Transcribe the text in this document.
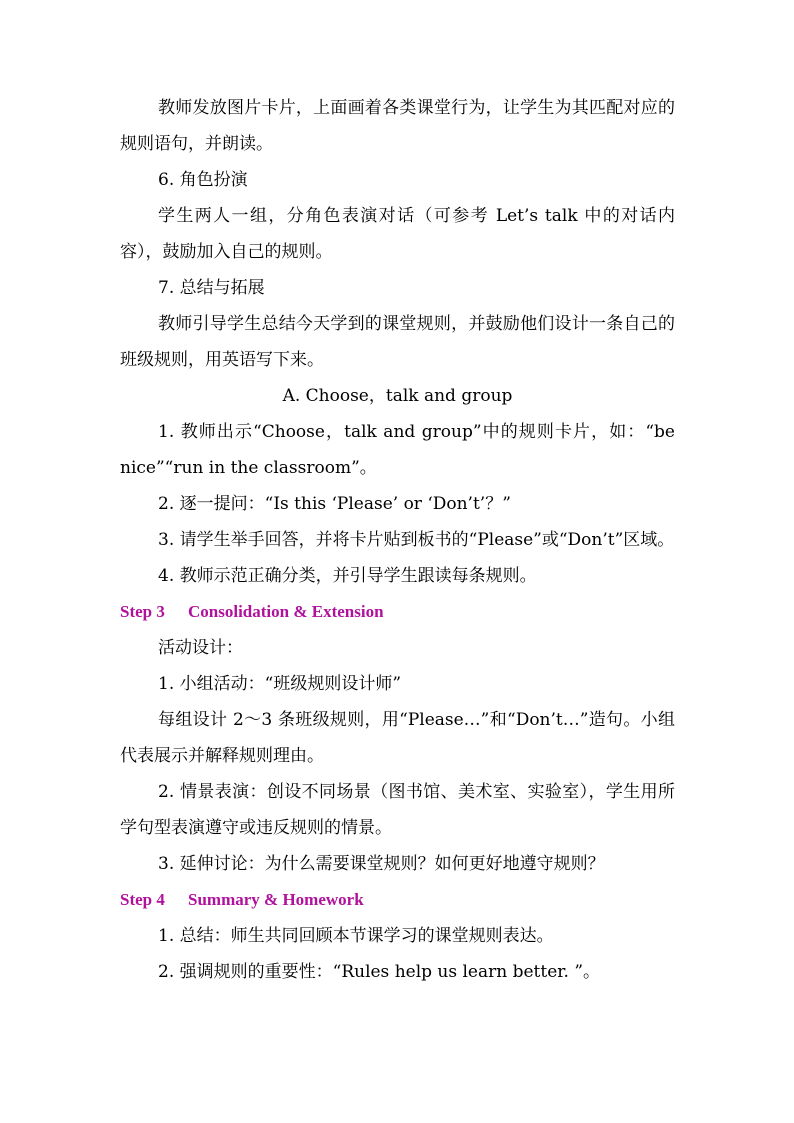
教师发放图片卡片，上面画着各类课堂行为，让学生为其匹配对应的规则语句，并朗读。

6. 角色扮演

学生两人一组，分角色表演对话（可参考 Let’s talk 中的对话内容），鼓励加入自己的规则。

7. 总结与拓展

教师引导学生总结今天学到的课堂规则，并鼓励他们设计一条自己的班级规则，用英语写下来。

A. Choose，talk and group

1. 教师出示“Choose，talk and group”中的规则卡片，如：“be nice”“run in the classroom”。

2. 逐一提问：“Is this ‘Please’ or ‘Don’t’？”

3. 请学生举手回答，并将卡片贴到板书的“Please”或“Don’t”区域。

4. 教师示范正确分类，并引导学生跟读每条规则。

Step 3 Consolidation & Extension

活动设计：

1. 小组活动：“班级规则设计师”

每组设计 2～3 条班级规则，用“Please…”和“Don’t…”造句。小组代表展示并解释规则理由。

2. 情景表演：创设不同场景（图书馆、美术室、实验室），学生用所学句型表演遵守或违反规则的情景。

3. 延伸讨论：为什么需要课堂规则？如何更好地遵守规则？

Step 4 Summary & Homework

1. 总结：师生共同回顾本节课学习的课堂规则表达。

2. 强调规则的重要性：“Rules help us learn better. ”。
